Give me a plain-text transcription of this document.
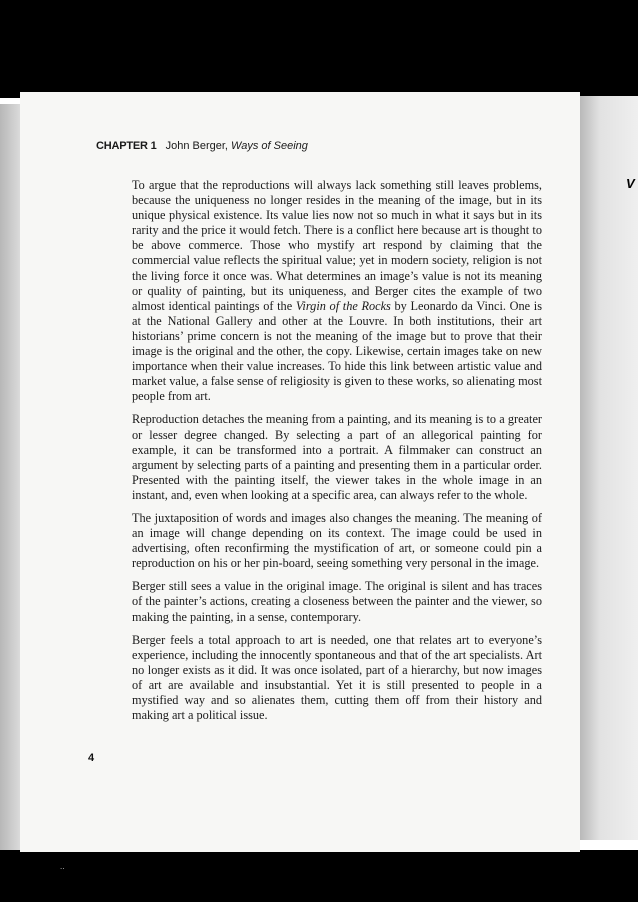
V
CHAPTER 1 John Berger, Ways of Seeing

To argue that the reproductions will always lack something still leaves problems, because the uniqueness no longer resides in the meaning of the image, but in its unique physical existence. Its value lies now not so much in what it says but in its rarity and the price it would fetch. There is a conflict here because art is thought to be above commerce. Those who mystify art respond by claiming that the commercial value reflects the spiritual value; yet in modern society, religion is not the living force it once was. What determines an image’s value is not its meaning or quality of painting, but its uniqueness, and Berger cites the example of two almost identical paintings of the Virgin of the Rocks by Leonardo da Vinci. One is at the National Gallery and other at the Louvre. In both institutions, their art historians’ prime concern is not the meaning of the image but to prove that their image is the original and the other, the copy. Likewise, certain images take on new importance when their value increases. To hide this link between artistic value and market value, a false sense of religiosity is given to these works, so alienating most people from art.

Reproduction detaches the meaning from a painting, and its meaning is to a greater or lesser degree changed. By selecting a part of an allegorical painting for example, it can be transformed into a portrait. A filmmaker can construct an argument by selecting parts of a painting and presenting them in a particular order. Presented with the painting itself, the viewer takes in the whole image in an instant, and, even when looking at a specific area, can always refer to the whole.

The juxtaposition of words and images also changes the meaning. The meaning of an image will change depending on its context. The image could be used in advertising, often reconfirming the mystification of art, or someone could pin a reproduction on his or her pin-board, seeing something very personal in the image.

Berger still sees a value in the original image. The original is silent and has traces of the painter’s actions, creating a closeness between the painter and the viewer, so making the painting, in a sense, contemporary.

Berger feels a total approach to art is needed, one that relates art to everyone’s experience, including the innocently spontaneous and that of the art specialists. Art no longer exists as it did. It was once isolated, part of a hierarchy, but now images of art are available and insubstantial. Yet it is still presented to people in a mystified way and so alienates them, cutting them off from their history and making art a political issue.

4
..
